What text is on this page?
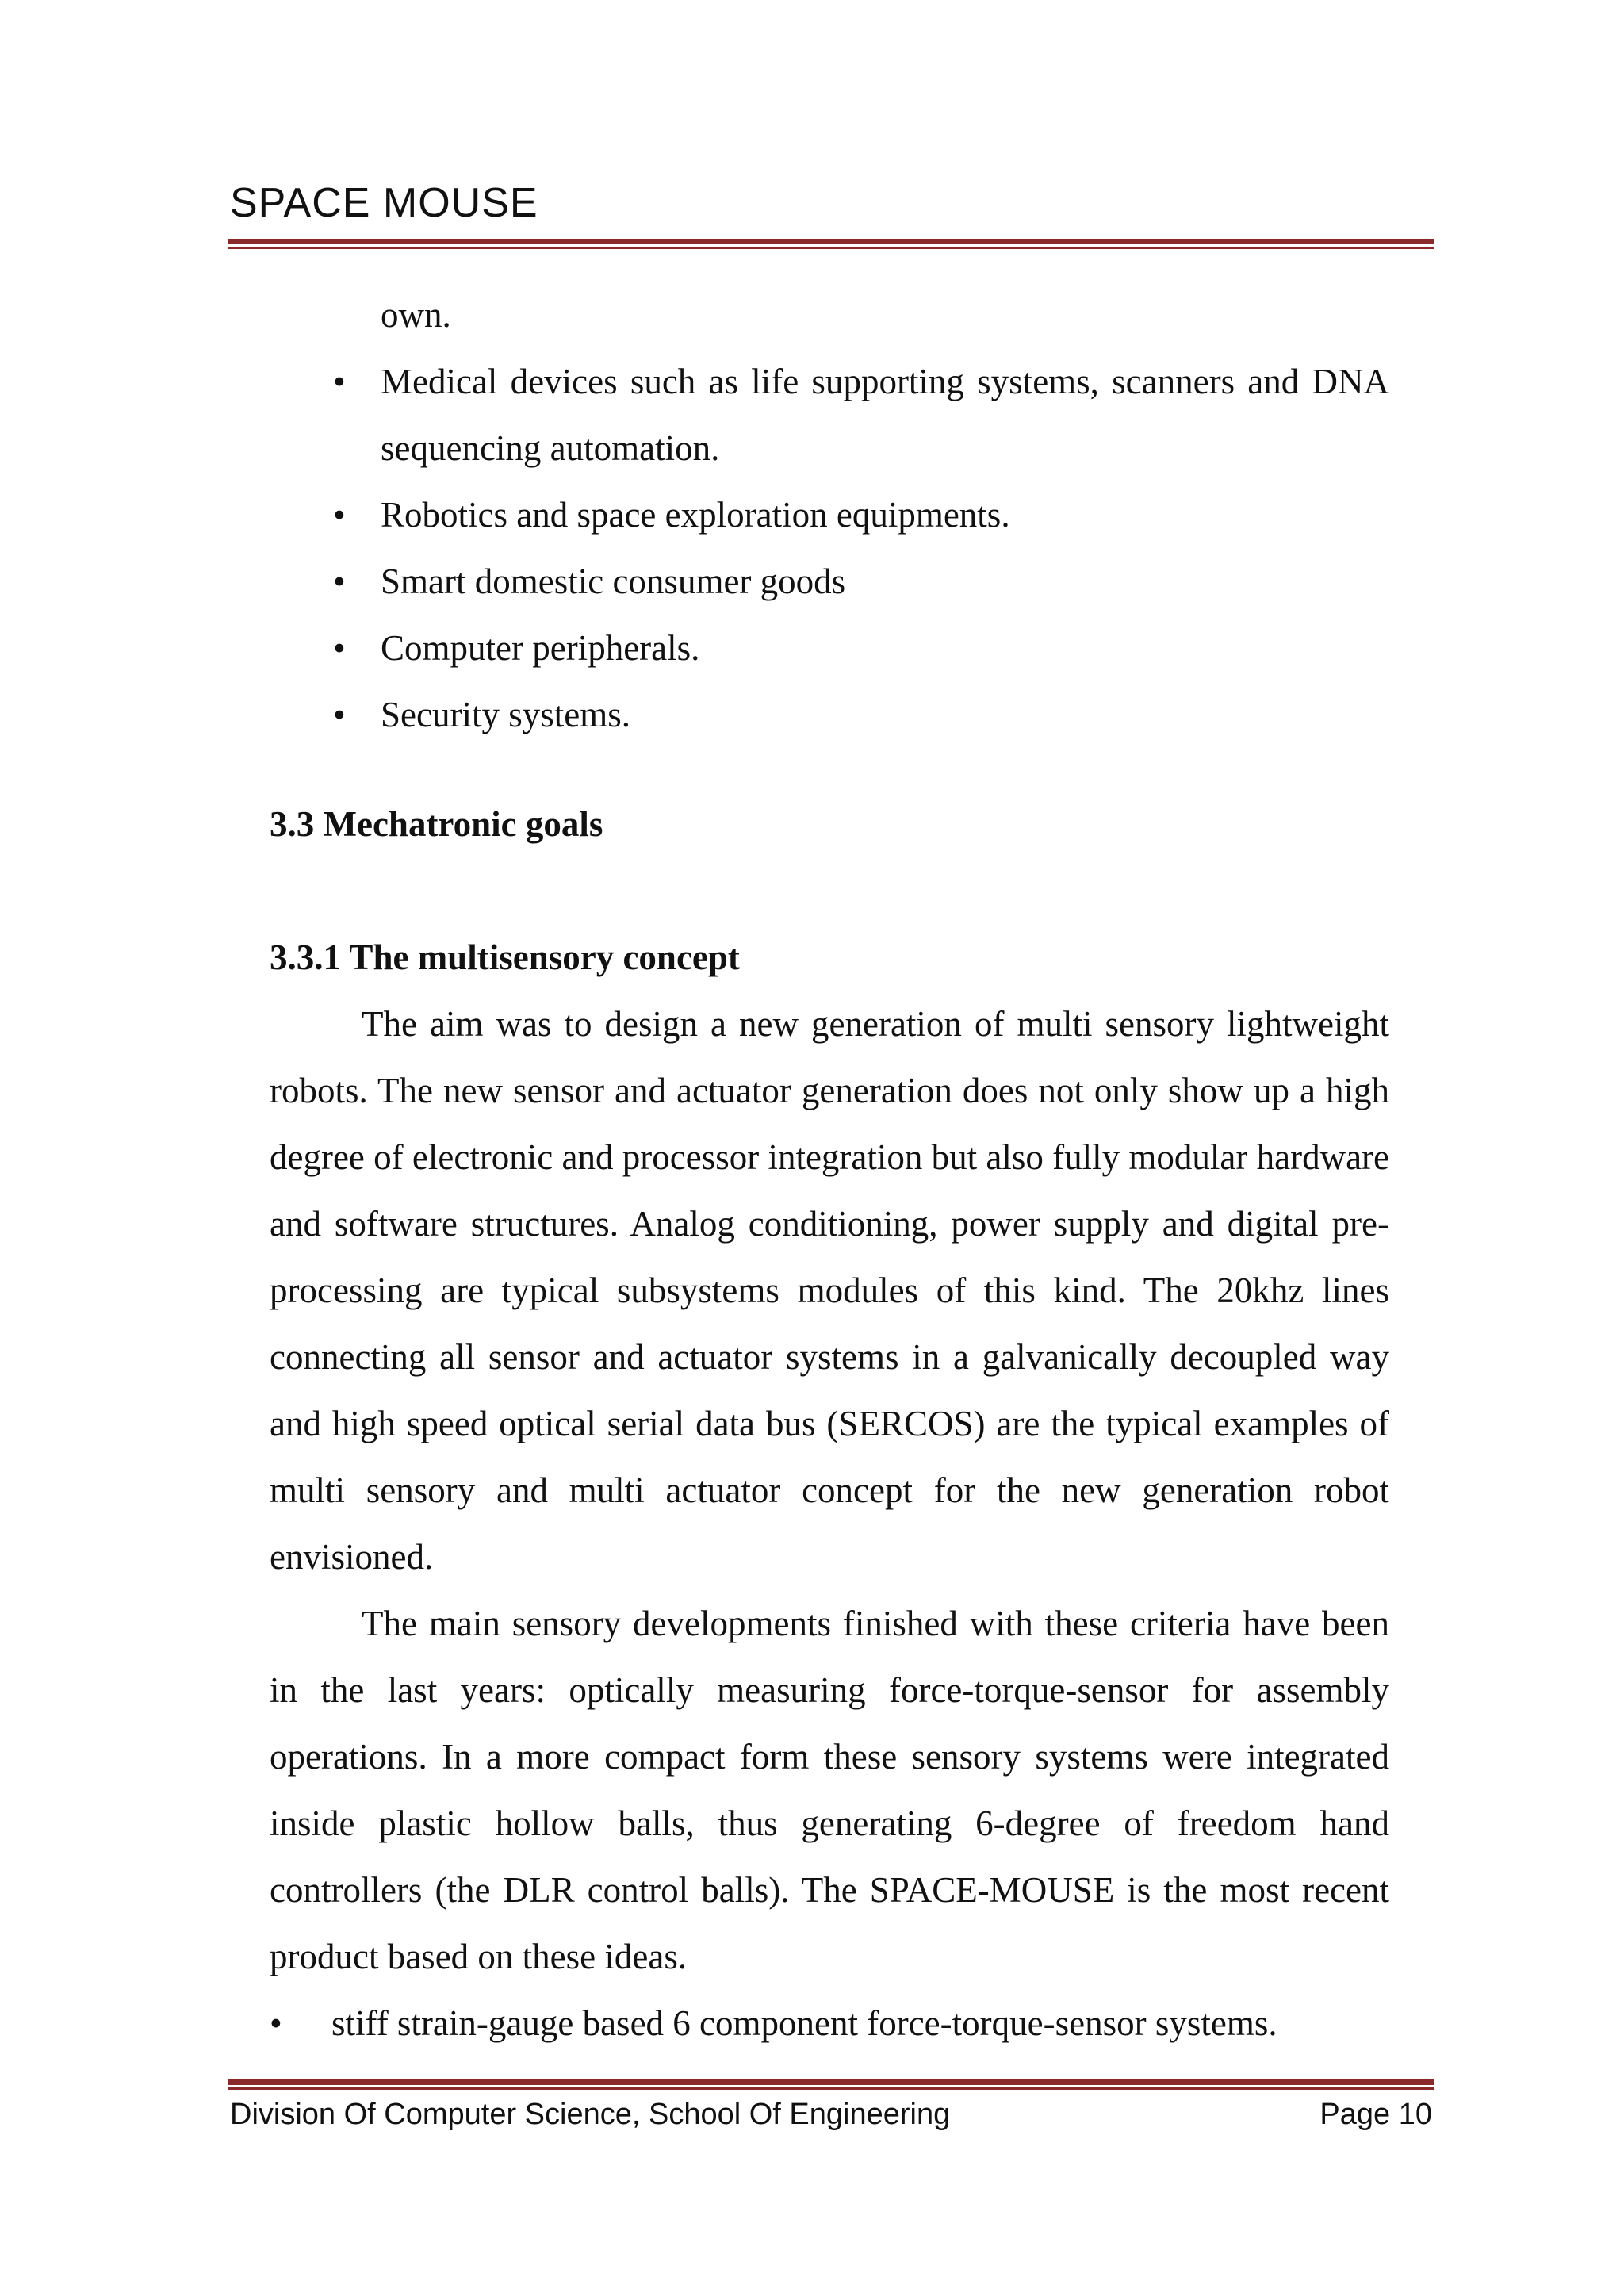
SPACE MOUSE
own.
• Medical devices such as life supporting systems, scanners and DNA sequencing automation.
• Robotics and space exploration equipments.
• Smart domestic consumer goods
• Computer peripherals.
• Security systems.
3.3 Mechatronic goals
3.3.1 The multisensory concept
The aim was to design a new generation of multi sensory lightweight robots. The new sensor and actuator generation does not only show up a high degree of electronic and processor integration but also fully modular hardware and software structures. Analog conditioning, power supply and digital pre-processing are typical subsystems modules of this kind. The 20khz lines connecting all sensor and actuator systems in a galvanically decoupled way and high speed optical serial data bus (SERCOS) are the typical examples of multi sensory and multi actuator concept for the new generation robot envisioned.
The main sensory developments finished with these criteria have been in the last years: optically measuring force-torque-sensor for assembly operations. In a more compact form these sensory systems were integrated inside plastic hollow balls, thus generating 6-degree of freedom hand controllers (the DLR control balls). The SPACE-MOUSE is the most recent product based on these ideas.
• stiff strain-gauge based 6 component force-torque-sensor systems.
Division Of Computer Science, School Of Engineering	Page 10
